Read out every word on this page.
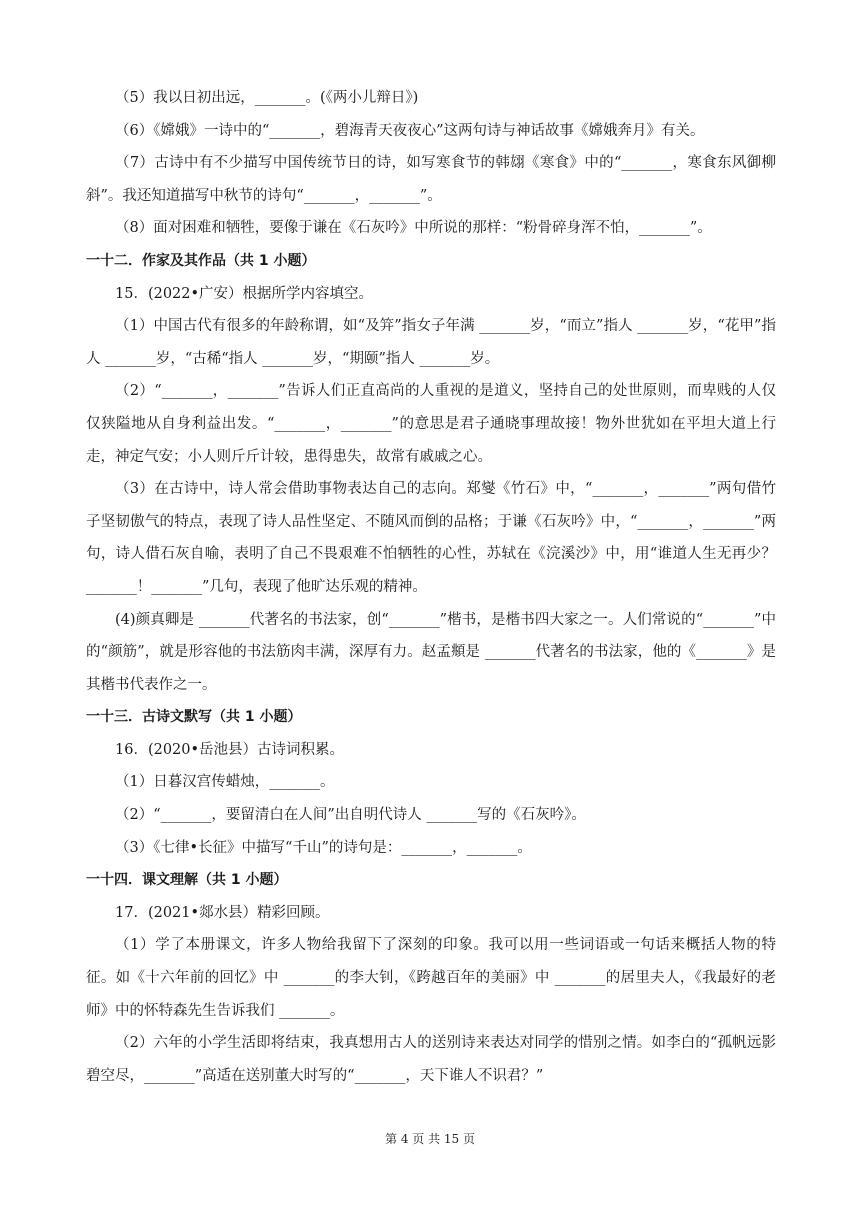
（5）我以日初出远，_______。(《两小儿辩日》)

（6）《嫦娥》一诗中的“_______，碧海青天夜夜心”这两句诗与神话故事《嫦娥奔月》有关。

（7）古诗中有不少描写中国传统节日的诗，如写寒食节的韩翃《寒食》中的“_______，寒食东风御柳斜”。我还知道描写中秋节的诗句“_______，_______”。

（8）面对困难和牺牲，要像于谦在《石灰吟》中所说的那样：“粉骨碎身浑不怕，_______”。

一十二．作家及其作品（共 1 小题）

15．(2022•广安）根据所学内容填空。

（1）中国古代有很多的年龄称谓，如“及笄”指女子年满 _______岁，“而立”指人 _______岁，“花甲”指人 _______岁，“古稀“指人 _______岁，“期颐”指人 _______岁。

（2）“_______，_______”告诉人们正直高尚的人重视的是道义，坚持自己的处世原则，而卑贱的人仅仅狭隘地从自身利益出发。“_______，_______”的意思是君子通晓事理故接！物外世犹如在平坦大道上行走，神定气安；小人则斤斤计较，患得患失，故常有戚戚之心。

（3）在古诗中，诗人常会借助事物表达自己的志向。郑燮《竹石》中，“_______，_______”两句借竹子坚韧傲气的特点，表现了诗人品性坚定、不随风而倒的品格；于谦《石灰吟》中，“_______，_______”两句，诗人借石灰自喻，表明了自己不畏艰难不怕牺牲的心性，苏轼在《浣溪沙》中，用“谁道人生无再少？_______！_______”几句，表现了他旷达乐观的精神。

(4)颜真卿是 _______代著名的书法家，创“_______”楷书，是楷书四大家之一。人们常说的“_______”中的“颜筋”，就是形容他的书法筋肉丰满，深厚有力。赵孟頫是 _______代著名的书法家，他的《_______》是其楷书代表作之一。

一十三．古诗文默写（共 1 小题）

16．(2020•岳池县）古诗词积累。

（1）日暮汉宫传蜡烛，_______。

（2）“_______，要留清白在人间”出自明代诗人 _______写的《石灰吟》。

（3）《七律•长征》中描写“千山”的诗句是：_______，_______。

一十四．课文理解（共 1 小题）

17．(2021•郯水县）精彩回顾。

（1）学了本册课文，许多人物给我留下了深刻的印象。我可以用一些词语或一句话来概括人物的特征。如《十六年前的回忆》中 _______的李大钊，《跨越百年的美丽》中 _______的居里夫人，《我最好的老师》中的怀特森先生告诉我们 _______。

（2）六年的小学生活即将结束，我真想用古人的送别诗来表达对同学的惜别之情。如李白的“孤帆远影碧空尽，_______”高适在送别董大时写的“_______，天下谁人不识君？”

第 4 页 共 15 页
